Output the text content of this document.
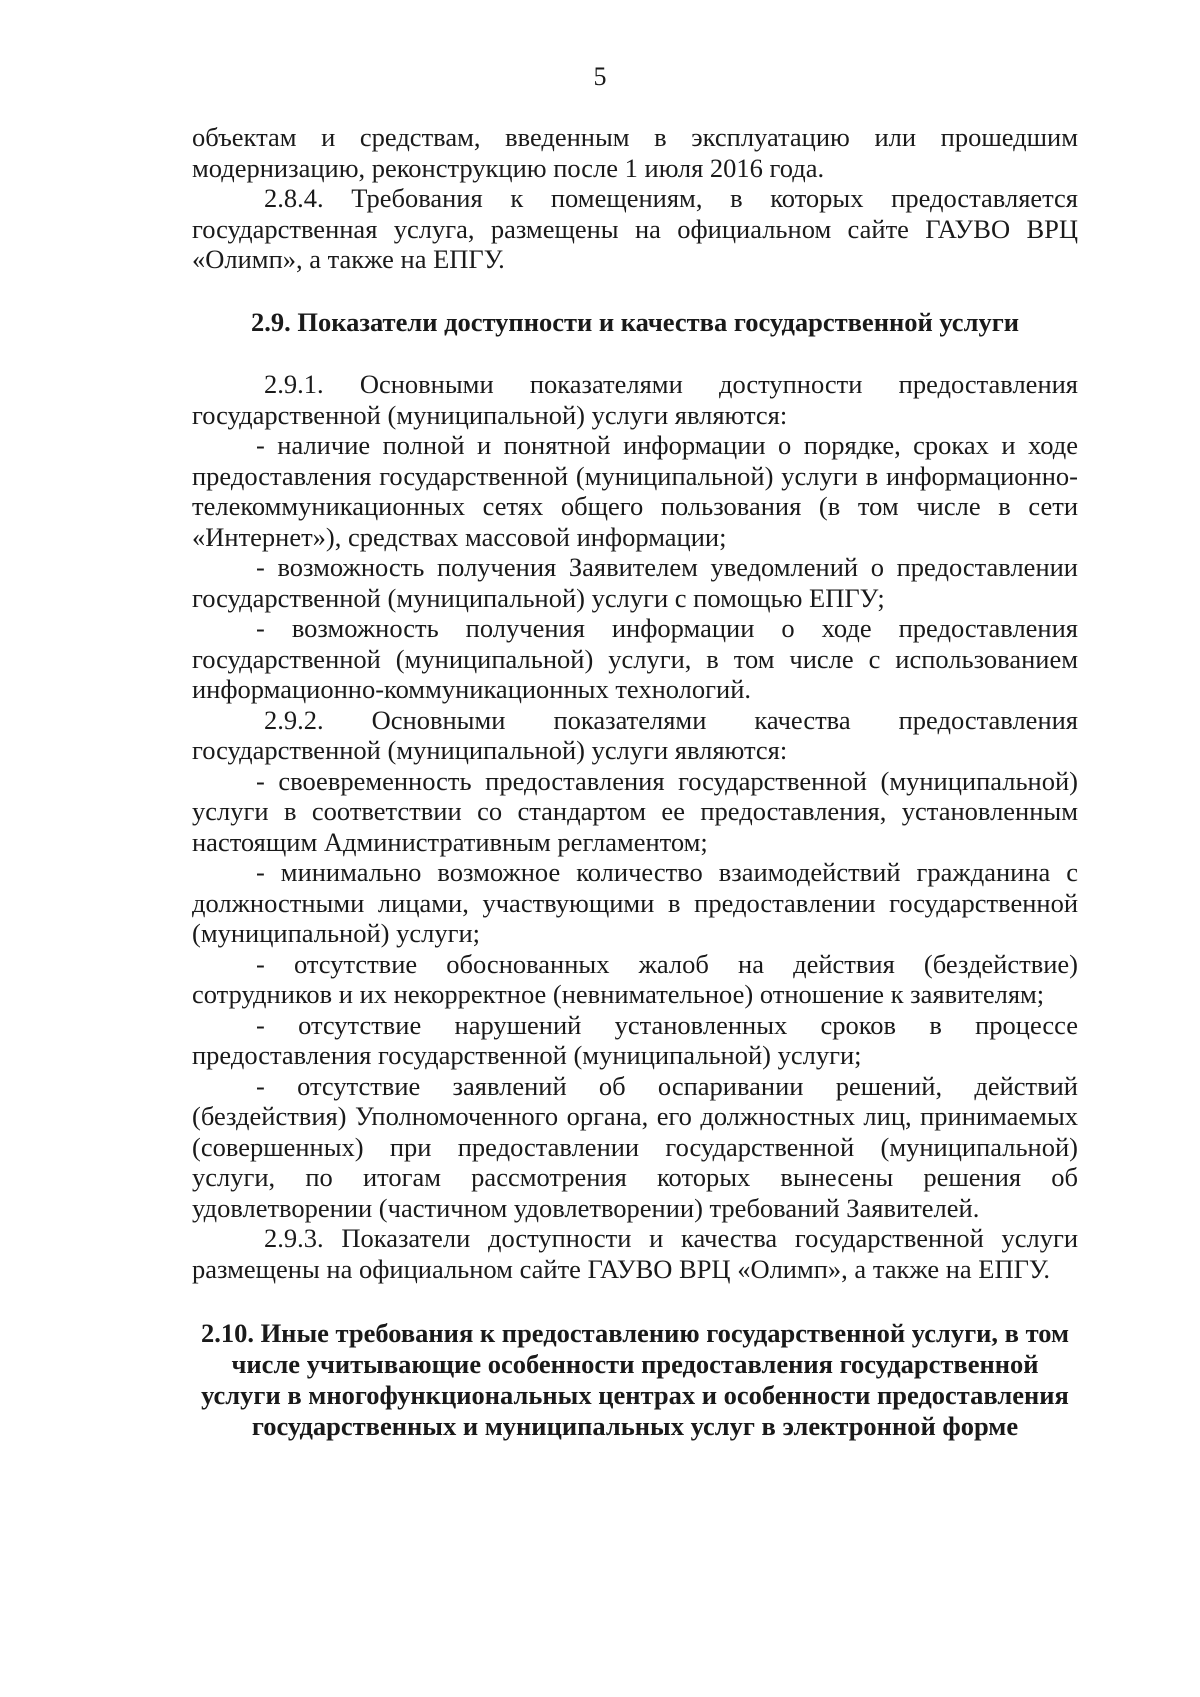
5

объектам и средствам, введенным в эксплуатацию или прошедшим модернизацию, реконструкцию после 1 июля 2016 года.

2.8.4. Требования к помещениям, в которых предоставляется государственная услуга, размещены на официальном сайте ГАУВО ВРЦ «Олимп», а также на ЕПГУ.

2.9. Показатели доступности и качества государственной услуги

2.9.1. Основными показателями доступности предоставления государственной (муниципальной) услуги являются:

- наличие полной и понятной информации о порядке, сроках и ходе предоставления государственной (муниципальной) услуги в информационно-телекоммуникационных сетях общего пользования (в том числе в сети «Интернет»), средствах массовой информации;

- возможность получения Заявителем уведомлений о предоставлении государственной (муниципальной) услуги с помощью ЕПГУ;

- возможность получения информации о ходе предоставления государственной (муниципальной) услуги, в том числе с использованием информационно-коммуникационных технологий.

2.9.2. Основными показателями качества предоставления государственной (муниципальной) услуги являются:

- своевременность предоставления государственной (муниципальной) услуги в соответствии со стандартом ее предоставления, установленным настоящим Административным регламентом;

- минимально возможное количество взаимодействий гражданина с должностными лицами, участвующими в предоставлении государственной (муниципальной) услуги;

- отсутствие обоснованных жалоб на действия (бездействие) сотрудников и их некорректное (невнимательное) отношение к заявителям;

- отсутствие нарушений установленных сроков в процессе предоставления государственной (муниципальной) услуги;

- отсутствие заявлений об оспаривании решений, действий (бездействия) Уполномоченного органа, его должностных лиц, принимаемых (совершенных) при предоставлении государственной (муниципальной) услуги, по итогам рассмотрения которых вынесены решения об удовлетворении (частичном удовлетворении) требований Заявителей.

2.9.3. Показатели доступности и качества государственной услуги размещены на официальном сайте ГАУВО ВРЦ «Олимп», а также на ЕПГУ.

2.10. Иные требования к предоставлению государственной услуги, в том числе учитывающие особенности предоставления государственной услуги в многофункциональных центрах и особенности предоставления государственных и муниципальных услуг в электронной форме
